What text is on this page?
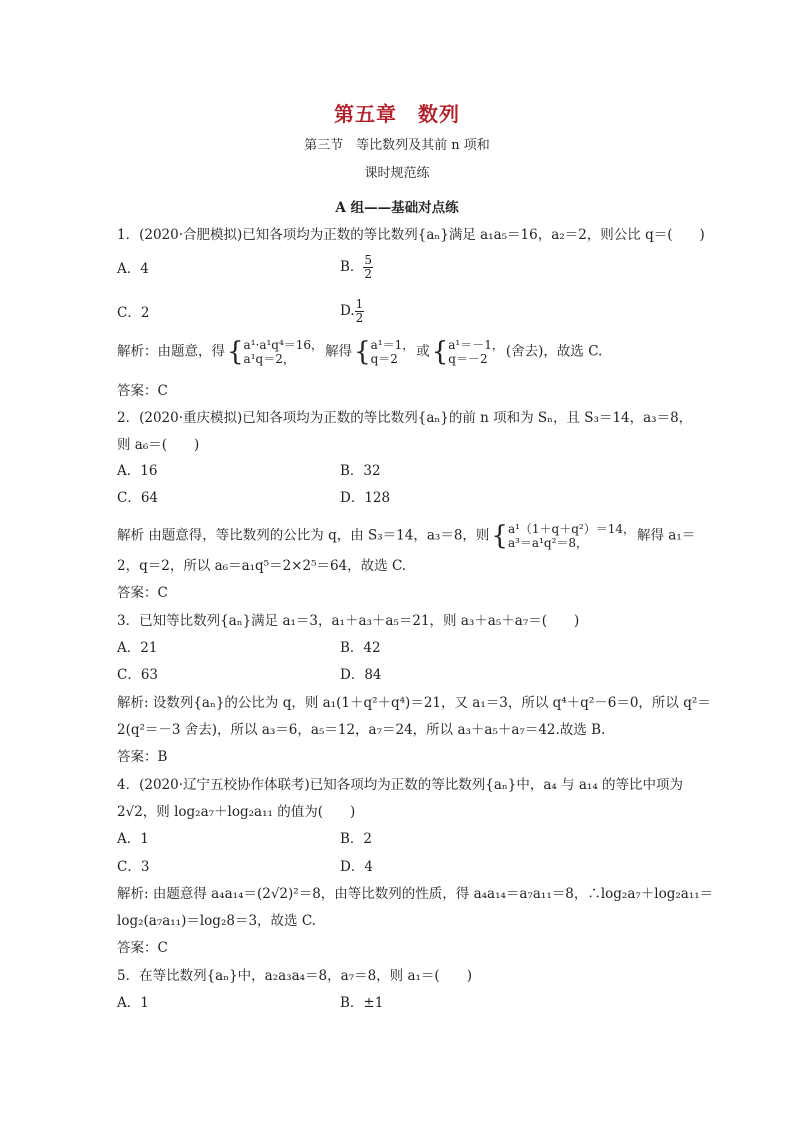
第五章　数列
第三节　等比数列及其前 n 项和
课时规范练
A 组——基础对点练
1．(2020·合肥模拟)已知各项均为正数的等比数列{aₙ}满足 a₁a₅＝16，a₂＝2，则公比 q＝(　　)
A．4	B． $\frac{5}{2}$
C．2	D. $\frac{1}{2}$
解析：由题意，得{ a¹·a¹q⁴＝16，
a¹q＝2，	解得{ a¹＝1，
q＝2	或{ a¹＝－1，
q＝－2	(舍去)，故选 C.
答案：C
2．(2020·重庆模拟)已知各项均为正数的等比数列{aₙ}的前 n 项和为 Sₙ，且 S₃＝14，a₃＝8，
则 a₆＝(　　)
A．16	B．32
C．64	D．128
解析 由题意得，等比数列的公比为 q，由 S₃＝14，a₃＝8，则{ a¹（1＋q＋q²）＝14，
a³＝a¹q²＝8，	解得 a₁＝
2，q＝2，所以 a₆＝a₁q⁵＝2×2⁵＝64，故选 C.
答案：C
3．已知等比数列{aₙ}满足 a₁＝3，a₁＋a₃＋a₅＝21，则 a₃＋a₅＋a₇＝(　　)
A．21	B．42
C．63	D．84
解析: 设数列{aₙ}的公比为 q，则 a₁(1＋q²＋q⁴)＝21，又 a₁＝3，所以 q⁴＋q²－6＝0，所以 q²＝
2(q²＝－3 舍去)，所以 a₃＝6，a₅＝12，a₇＝24，所以 a₃＋a₅＋a₇＝42.故选 B.
答案：B
4．(2020·辽宁五校协作体联考)已知各项均为正数的等比数列{aₙ}中，a₄ 与 a₁₄ 的等比中项为
2√2，则 log₂a₇＋log₂a₁₁ 的值为(　　)
A．1	B．2
C．3	D．4
解析: 由题意得 a₄a₁₄＝(2√2)²＝8，由等比数列的性质，得 a₄a₁₄＝a₇a₁₁＝8，∴log₂a₇＋log₂a₁₁＝
log₂(a₇a₁₁)＝log₂8＝3，故选 C.
答案：C
5．在等比数列{aₙ}中，a₂a₃a₄＝8，a₇＝8，则 a₁＝(　　)
A．1	B．±1
